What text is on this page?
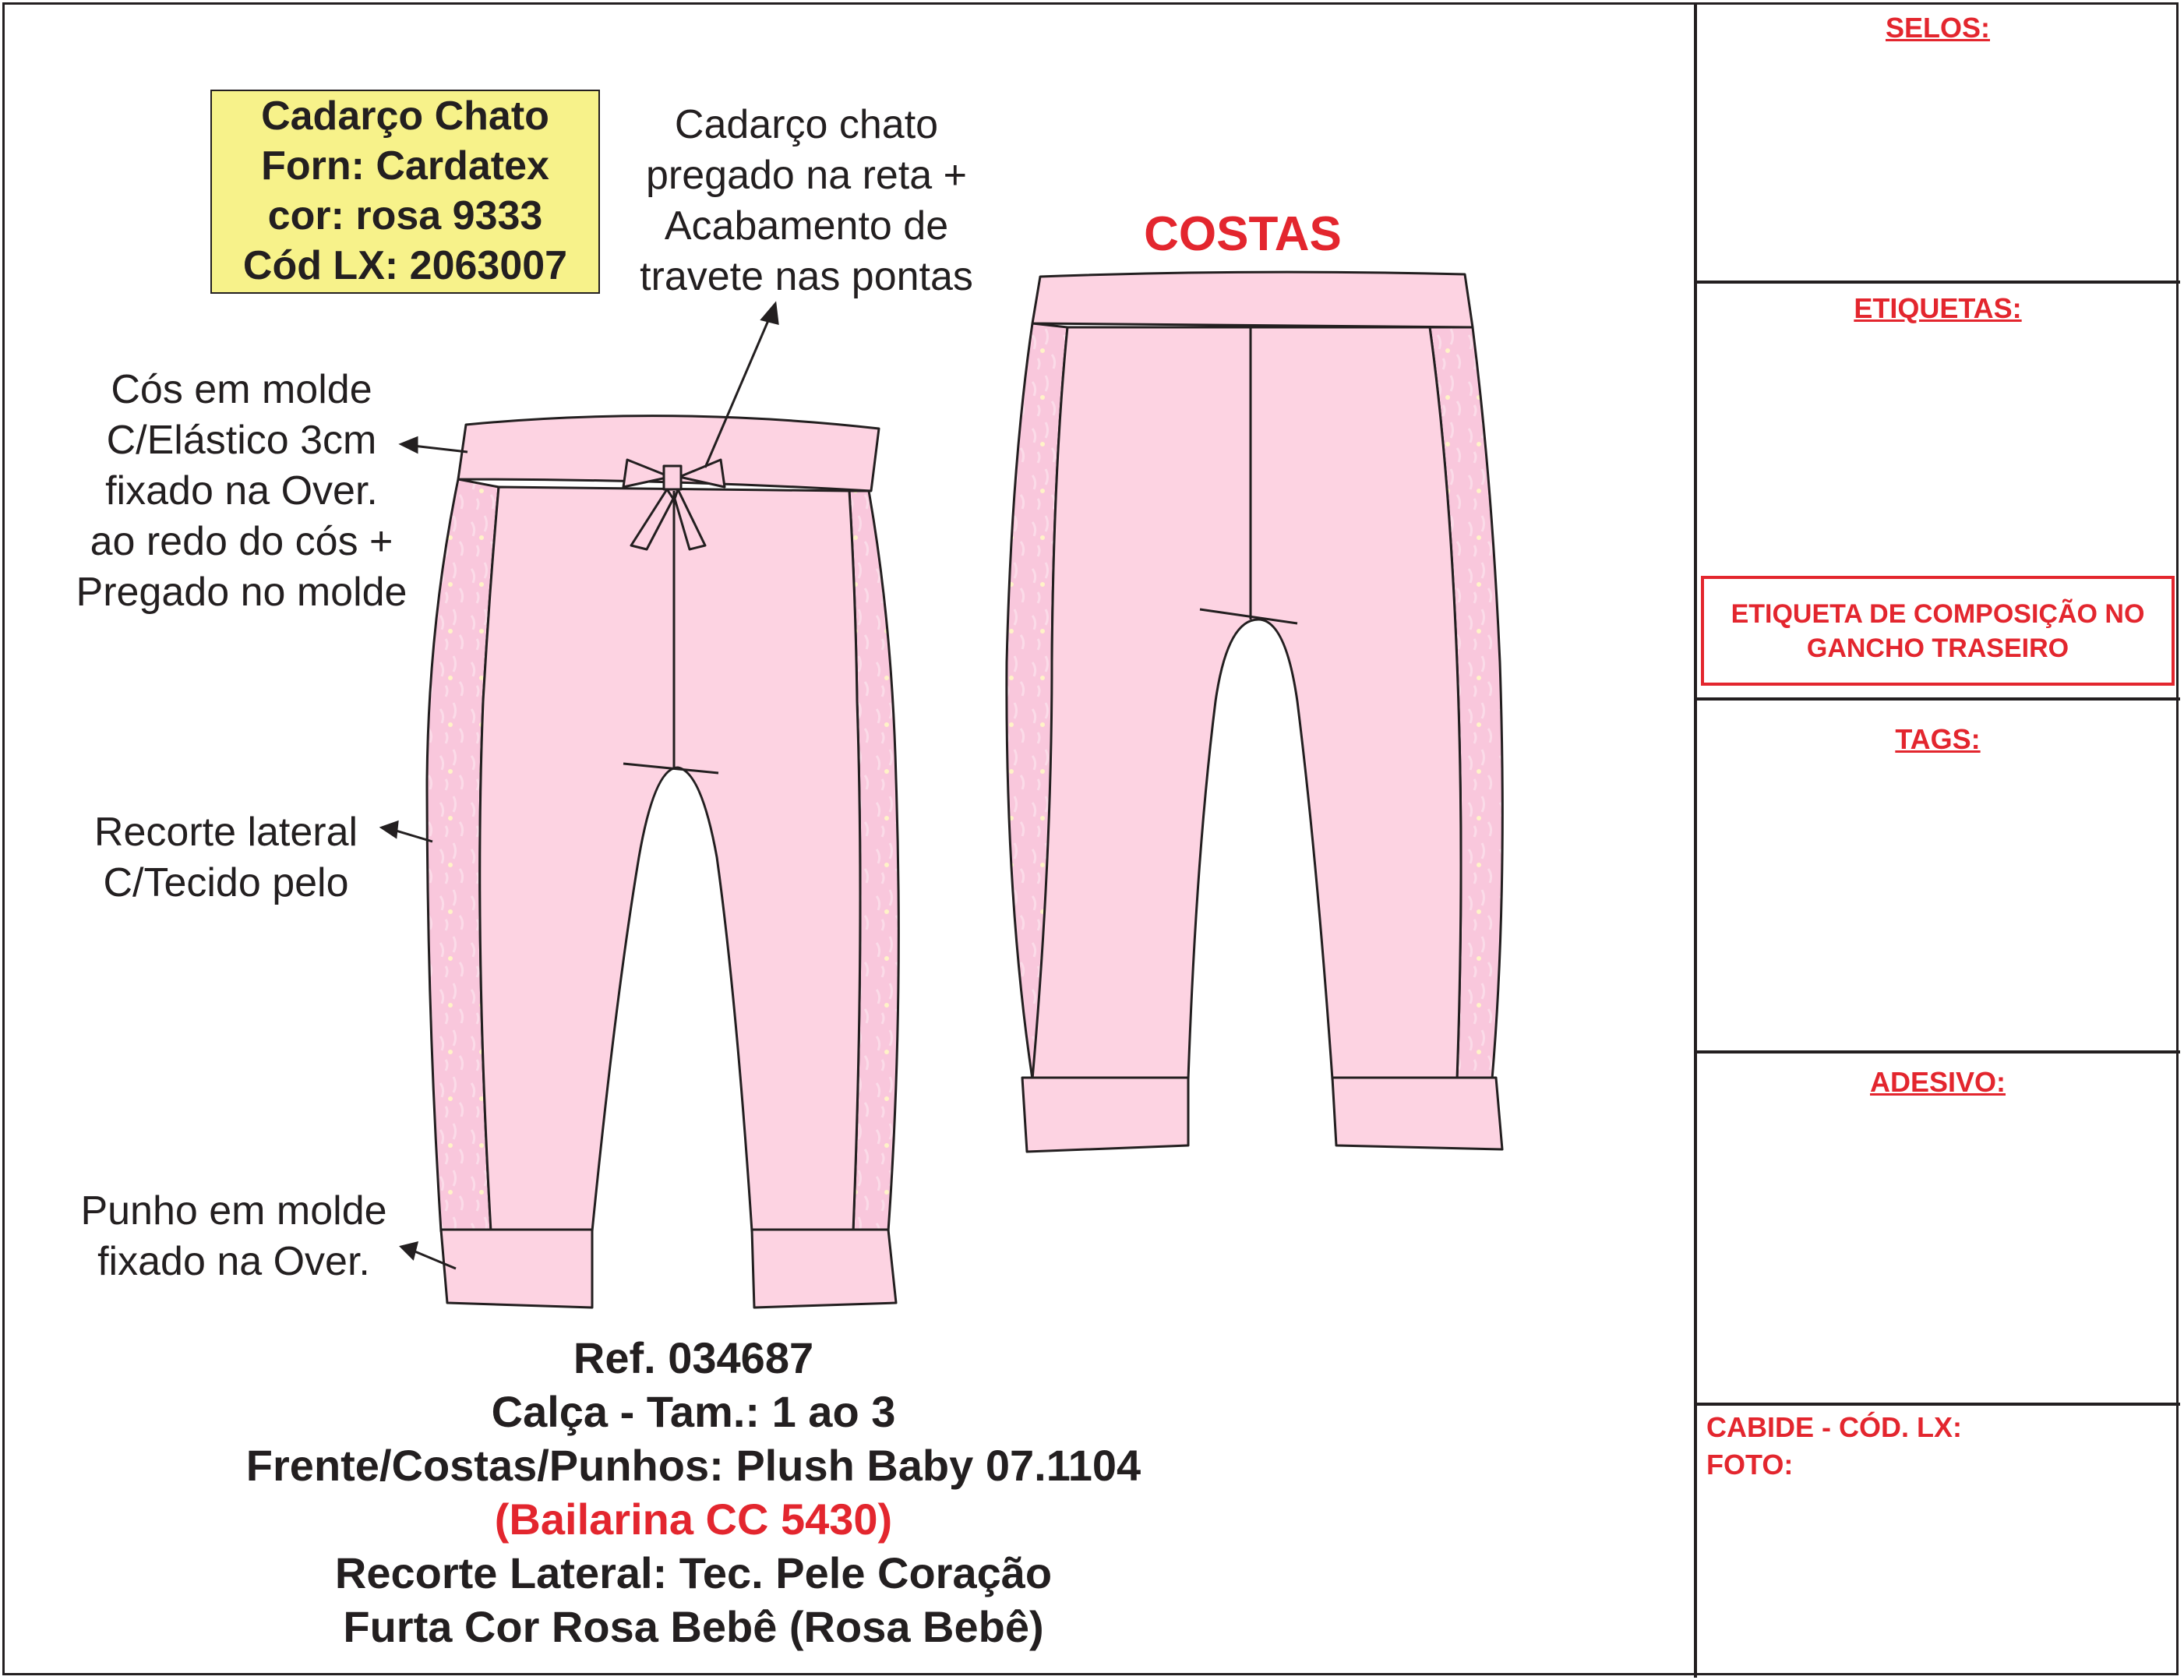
SELOS:
ETIQUETAS:
ETIQUETA DE COMPOSIÇÃO NO
GANCHO TRASEIRO
TAGS:
ADESIVO:
CABIDE - CÓD. LX:
FOTO:
Cadarço Chato
Forn: Cardatex
cor: rosa 9333
Cód LX: 2063007
Cadarço chato
pregado na reta +
Acabamento de
travete nas pontas
Cós em molde
C/Elástico 3cm
fixado na Over.
ao redo do cós +
Pregado no molde
Recorte lateral
C/Tecido pelo
Punho em molde
fixado na Over.
COSTAS
Ref. 034687
Calça - Tam.: 1 ao 3
Frente/Costas/Punhos: Plush Baby 07.1104
(Bailarina CC 5430)
Recorte Lateral: Tec. Pele Coração
Furta Cor Rosa Bebê (Rosa Bebê)
